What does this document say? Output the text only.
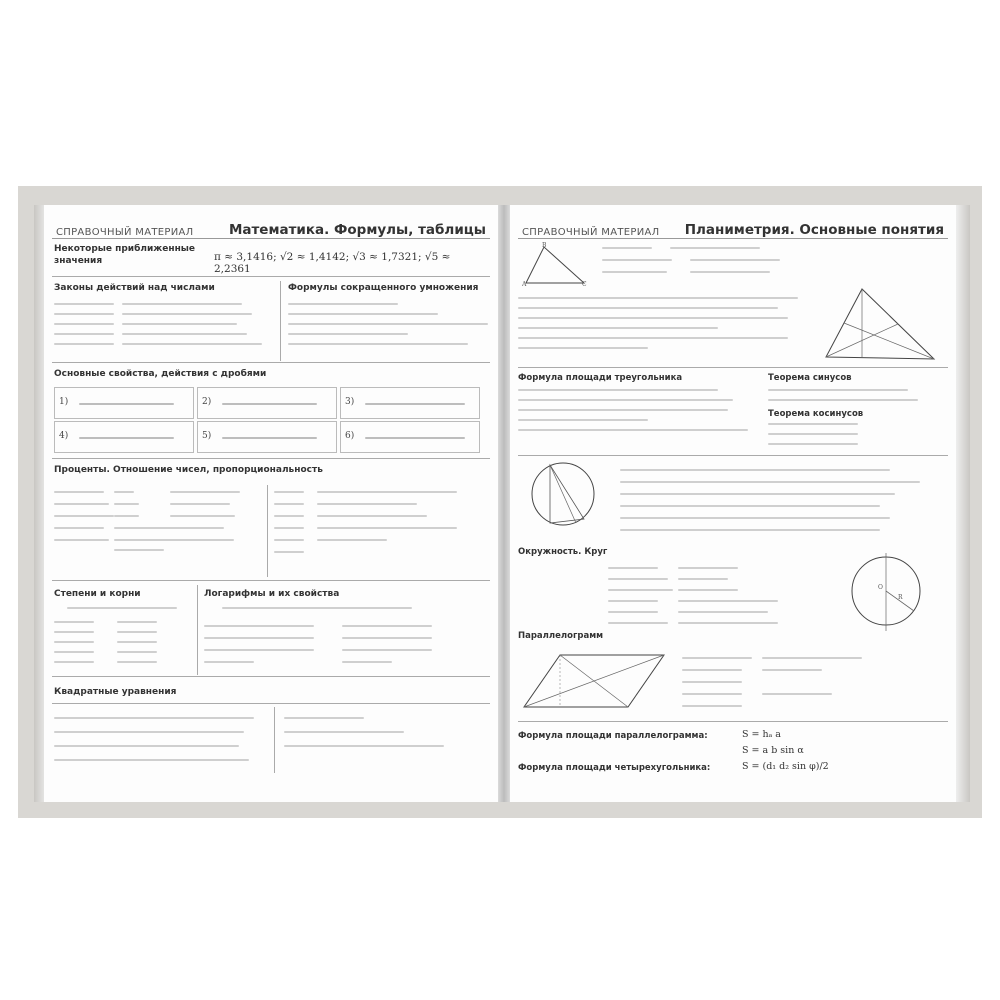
СПРАВОЧНЫЙ МАТЕРИАЛ	Математика. Формулы, таблицы
Некоторые приближенные значения	π ≈ 3,1416; √2 ≈ 1,4142; √3 ≈ 1,7321; √5 ≈ 2,2361
Законы действий над числами	Формулы сокращенного умножения
Основные свойства, действия с дробями
1)	2)	3)
4)	5)	6)
Проценты. Отношение чисел, пропорциональность
Степени и корни	Логарифмы и их свойства
Квадратные уравнения
СПРАВОЧНЫЙ МАТЕРИАЛ Планиметрия. Основные понятия
A	C
B
Формула площади треугольника	Теорема синусов
Теорема косинусов
Окружность. Круг
O
R
Параллелограмм
Формула площади параллелограмма:	S = hₐ a
S = a b sin α
Формула площади четырехугольника:	S = (d₁ d₂ sin φ)/2
